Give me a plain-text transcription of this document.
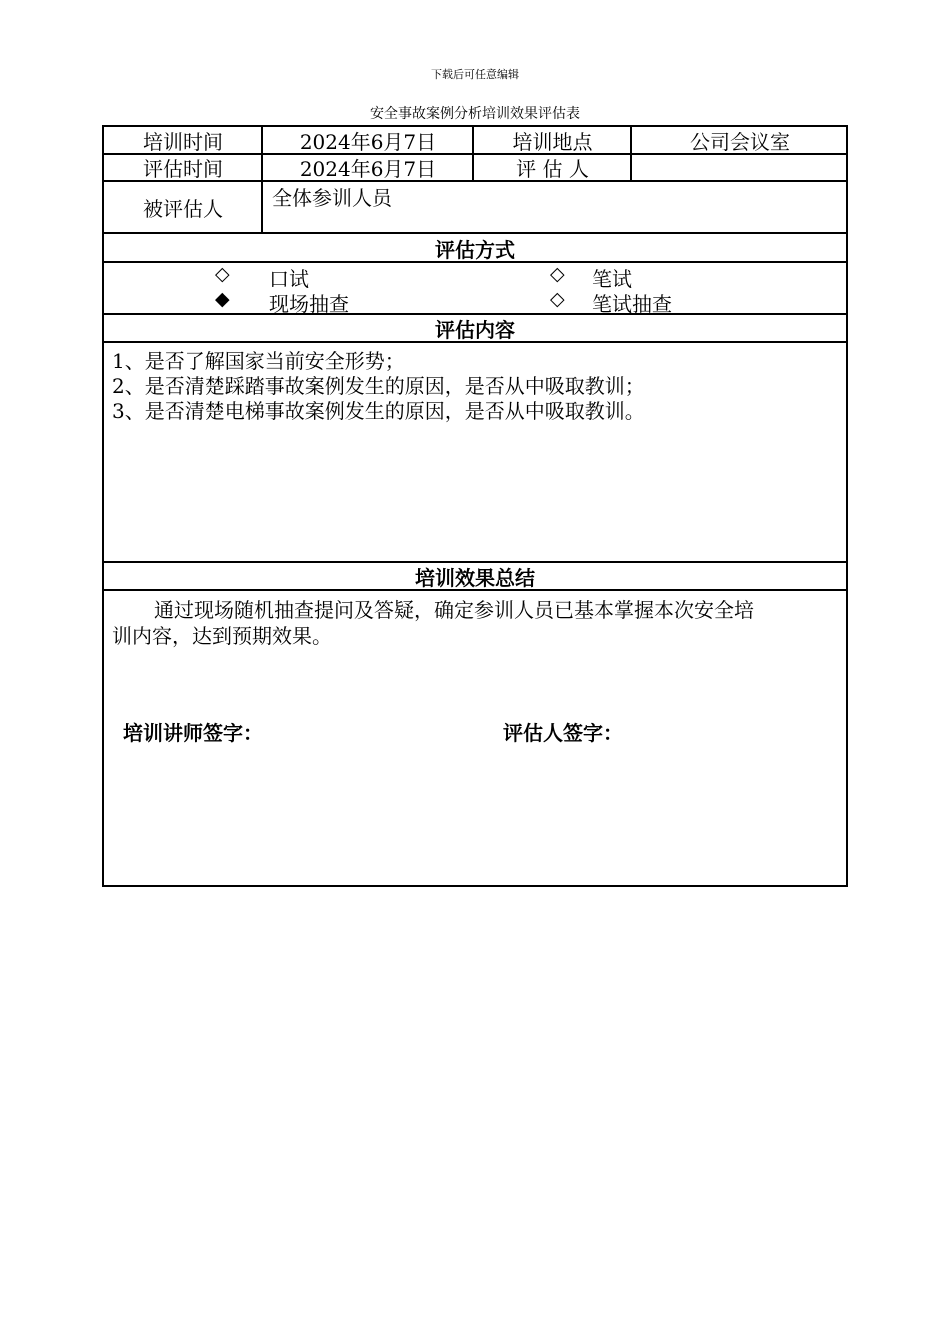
下载后可任意编辑
安全事故案例分析培训效果评估表
培训时间	2024年6月7日	培训地点	公司会议室
评估时间	2024年6月7日	评 估 人
被评估人	全体参训人员
评估方式
◇ 口试	◇ 笔试
◆ 现场抽查	◇ 笔试抽查
评估内容
1、是否了解国家当前安全形势；
2、是否清楚踩踏事故案例发生的原因，是否从中吸取教训；
3、是否清楚电梯事故案例发生的原因，是否从中吸取教训。
培训效果总结
通过现场随机抽查提问及答疑，确定参训人员已基本掌握本次安全培
训内容，达到预期效果。
培训讲师签字：	评估人签字：
